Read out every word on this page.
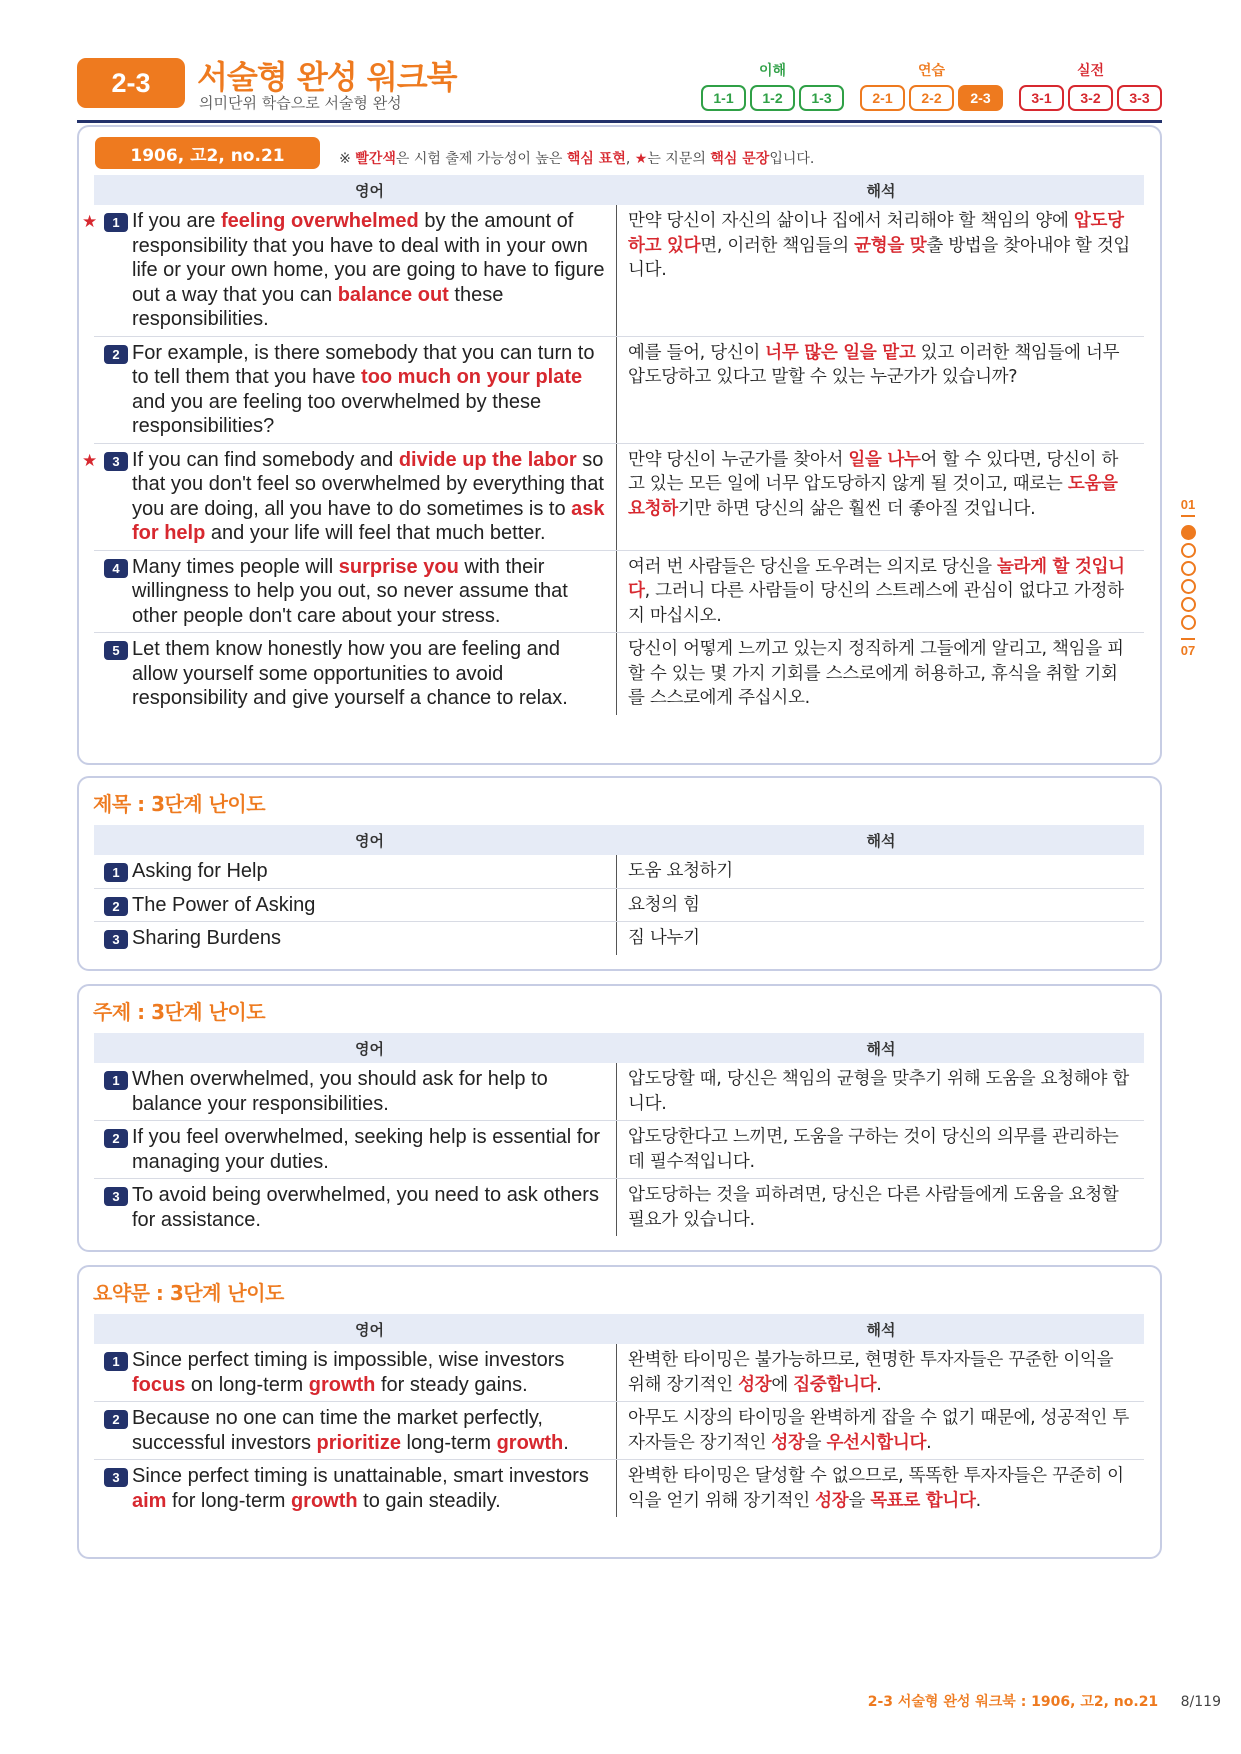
2-3	서술형 완성 워크북
의미단위 학습으로 서술형 완성
이해
1-1	1-2	1-3
연습
2-1	2-2	2-3
실전
3-1	3-2	3-3
1906, 고2, no.21	※ 빨간색은 시험 출제 가능성이 높은 핵심 표현, ★는 지문의 핵심 문장입니다.
영어	해석
★	1 If you are feeling overwhelmed by the amount of responsibility that you have to deal with in your own life or your own home, you are going to have to figure out a way that you can balance out these responsibilities.
만약 당신이 자신의 삶이나 집에서 처리해야 할 책임의 양에 압도당하고 있다면, 이러한 책임들의 균형을 맞출 방법을 찾아내야 할 것입니다.
2 For example, is there somebody that you can turn to to tell them that you have too much on your plate and you are feeling too overwhelmed by these responsibilities?
예를 들어, 당신이 너무 많은 일을 맡고 있고 이러한 책임들에 너무 압도당하고 있다고 말할 수 있는 누군가가 있습니까?
★	3 If you can find somebody and divide up the labor so that you don't feel so overwhelmed by everything that you are doing, all you have to do sometimes is to ask for help and your life will feel that much better.
만약 당신이 누군가를 찾아서 일을 나누어 할 수 있다면, 당신이 하고 있는 모든 일에 너무 압도당하지 않게 될 것이고, 때로는 도움을 요청하기만 하면 당신의 삶은 훨씬 더 좋아질 것입니다.
4 Many times people will surprise you with their willingness to help you out, so never assume that other people don't care about your stress.
여러 번 사람들은 당신을 도우려는 의지로 당신을 놀라게 할 것입니다, 그러니 다른 사람들이 당신의 스트레스에 관심이 없다고 가정하지 마십시오.
5 Let them know honestly how you are feeling and allow yourself some opportunities to avoid responsibility and give yourself a chance to relax.
당신이 어떻게 느끼고 있는지 정직하게 그들에게 알리고, 책임을 피할 수 있는 몇 가지 기회를 스스로에게 허용하고, 휴식을 취할 기회를 스스로에게 주십시오.
제목 : 3단계 난이도
영어	해석
1 Asking for Help	도움 요청하기
2 The Power of Asking	요청의 힘
3 Sharing Burdens	짐 나누기
주제 : 3단계 난이도
영어	해석
1 When overwhelmed, you should ask for help to balance your responsibilities.
압도당할 때, 당신은 책임의 균형을 맞추기 위해 도움을 요청해야 합니다.
2 If you feel overwhelmed, seeking help is essential for managing your duties.
압도당한다고 느끼면, 도움을 구하는 것이 당신의 의무를 관리하는 데 필수적입니다.
3 To avoid being overwhelmed, you need to ask others for assistance.
압도당하는 것을 피하려면, 당신은 다른 사람들에게 도움을 요청할 필요가 있습니다.
요약문 : 3단계 난이도
영어	해석
1 Since perfect timing is impossible, wise investors focus on long-term growth for steady gains.
완벽한 타이밍은 불가능하므로, 현명한 투자자들은 꾸준한 이익을 위해 장기적인 성장에 집중합니다.
2 Because no one can time the market perfectly, successful investors prioritize long-term growth.
아무도 시장의 타이밍을 완벽하게 잡을 수 없기 때문에, 성공적인 투자자들은 장기적인 성장을 우선시합니다.
3 Since perfect timing is unattainable, smart investors aim for long-term growth to gain steadily.
완벽한 타이밍은 달성할 수 없으므로, 똑똑한 투자자들은 꾸준히 이익을 얻기 위해 장기적인 성장을 목표로 합니다.
01
07
2-3 서술형 완성 워크북 : 1906, 고2, no.21 8/119
